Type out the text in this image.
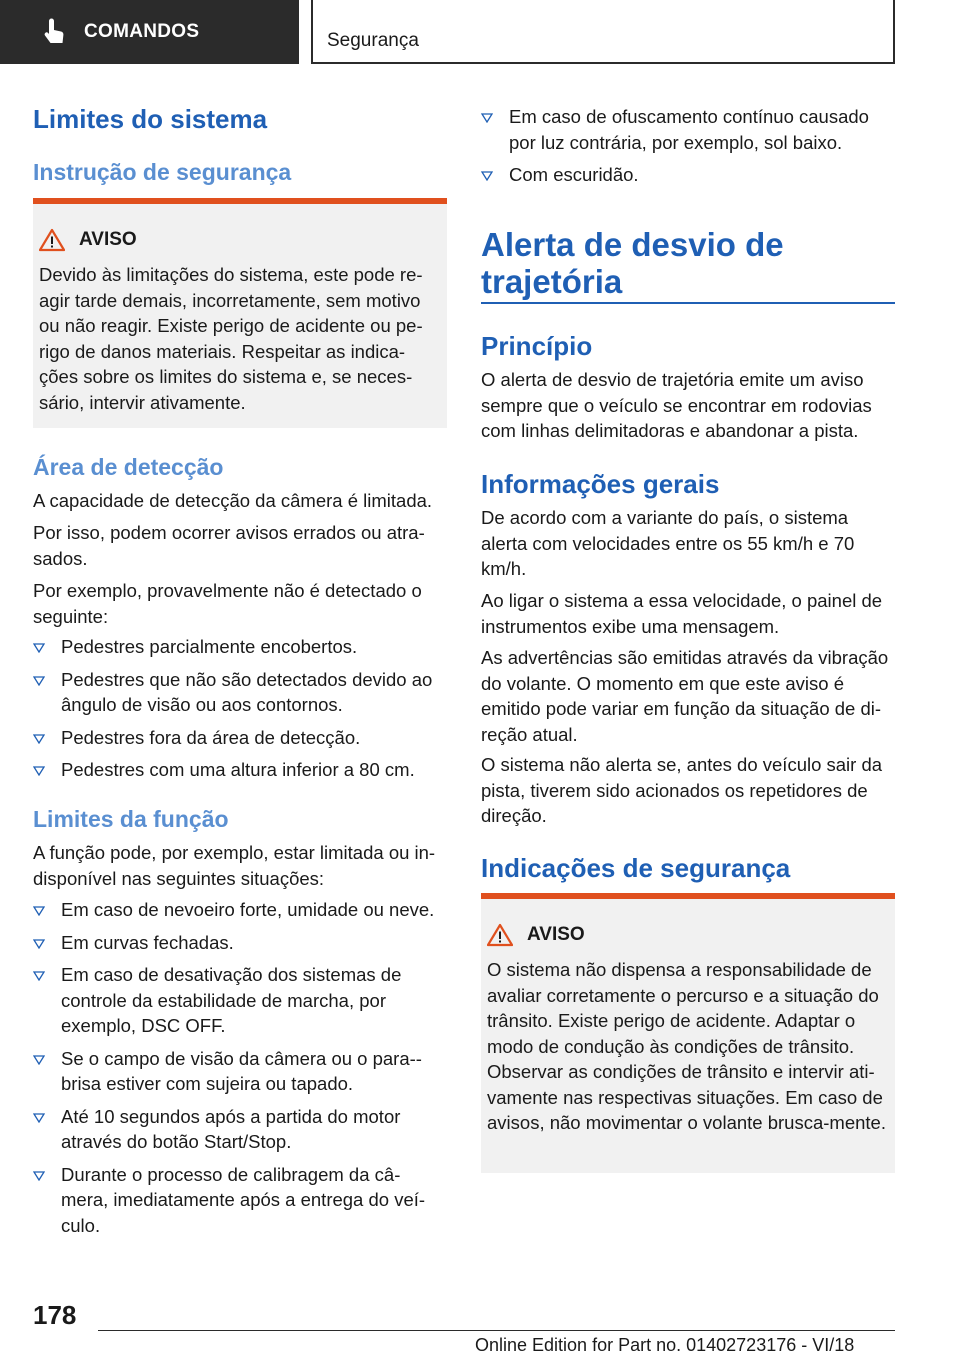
COMANDOS	Segurança
Limites do sistema
Instrução de segurança
AVISO
Devido às limitações do sistema, este pode re-agir tarde demais, incorretamente, sem motivo ou não reagir. Existe perigo de acidente ou pe-rigo de danos materiais. Respeitar as indica-ções sobre os limites do sistema e, se neces-sário, intervir ativamente.
Área de detecção
A capacidade de detecção da câmera é limitada.
Por isso, podem ocorrer avisos errados ou atra-sados.
Por exemplo, provavelmente não é detectado o seguinte:
Pedestres parcialmente encobertos.
Pedestres que não são detectados devido ao ângulo de visão ou aos contornos.
Pedestres fora da área de detecção.
Pedestres com uma altura inferior a 80 cm.
Limites da função
A função pode, por exemplo, estar limitada ou in-disponível nas seguintes situações:
Em caso de nevoeiro forte, umidade ou neve.
Em curvas fechadas.
Em caso de desativação dos sistemas de controle da estabilidade de marcha, por exemplo, DSC OFF.
Se o campo de visão da câmera ou o para--brisa estiver com sujeira ou tapado.
Até 10 segundos após a partida do motor através do botão Start/Stop.
Durante o processo de calibragem da câ-mera, imediatamente após a entrega do veí-culo.
Em caso de ofuscamento contínuo causado por luz contrária, por exemplo, sol baixo.
Com escuridão.
Alerta de desvio de
trajetória
Princípio
O alerta de desvio de trajetória emite um aviso sempre que o veículo se encontrar em rodovias com linhas delimitadoras e abandonar a pista.
Informações gerais
De acordo com a variante do país, o sistema alerta com velocidades entre os 55 km/h e 70 km/h.
Ao ligar o sistema a essa velocidade, o painel de instrumentos exibe uma mensagem.
As advertências são emitidas através da vibração do volante. O momento em que este aviso é emitido pode variar em função da situação de di-reção atual.
O sistema não alerta se, antes do veículo sair da pista, tiverem sido acionados os repetidores de direção.
Indicações de segurança
AVISO
O sistema não dispensa a responsabilidade de avaliar corretamente o percurso e a situação do trânsito. Existe perigo de acidente. Adaptar o modo de condução às condições de trânsito. Observar as condições de trânsito e intervir ati-vamente nas respectivas situações. Em caso de avisos, não movimentar o volante brusca-mente.
178
Online Edition for Part no. 01402723176 - VI/18
